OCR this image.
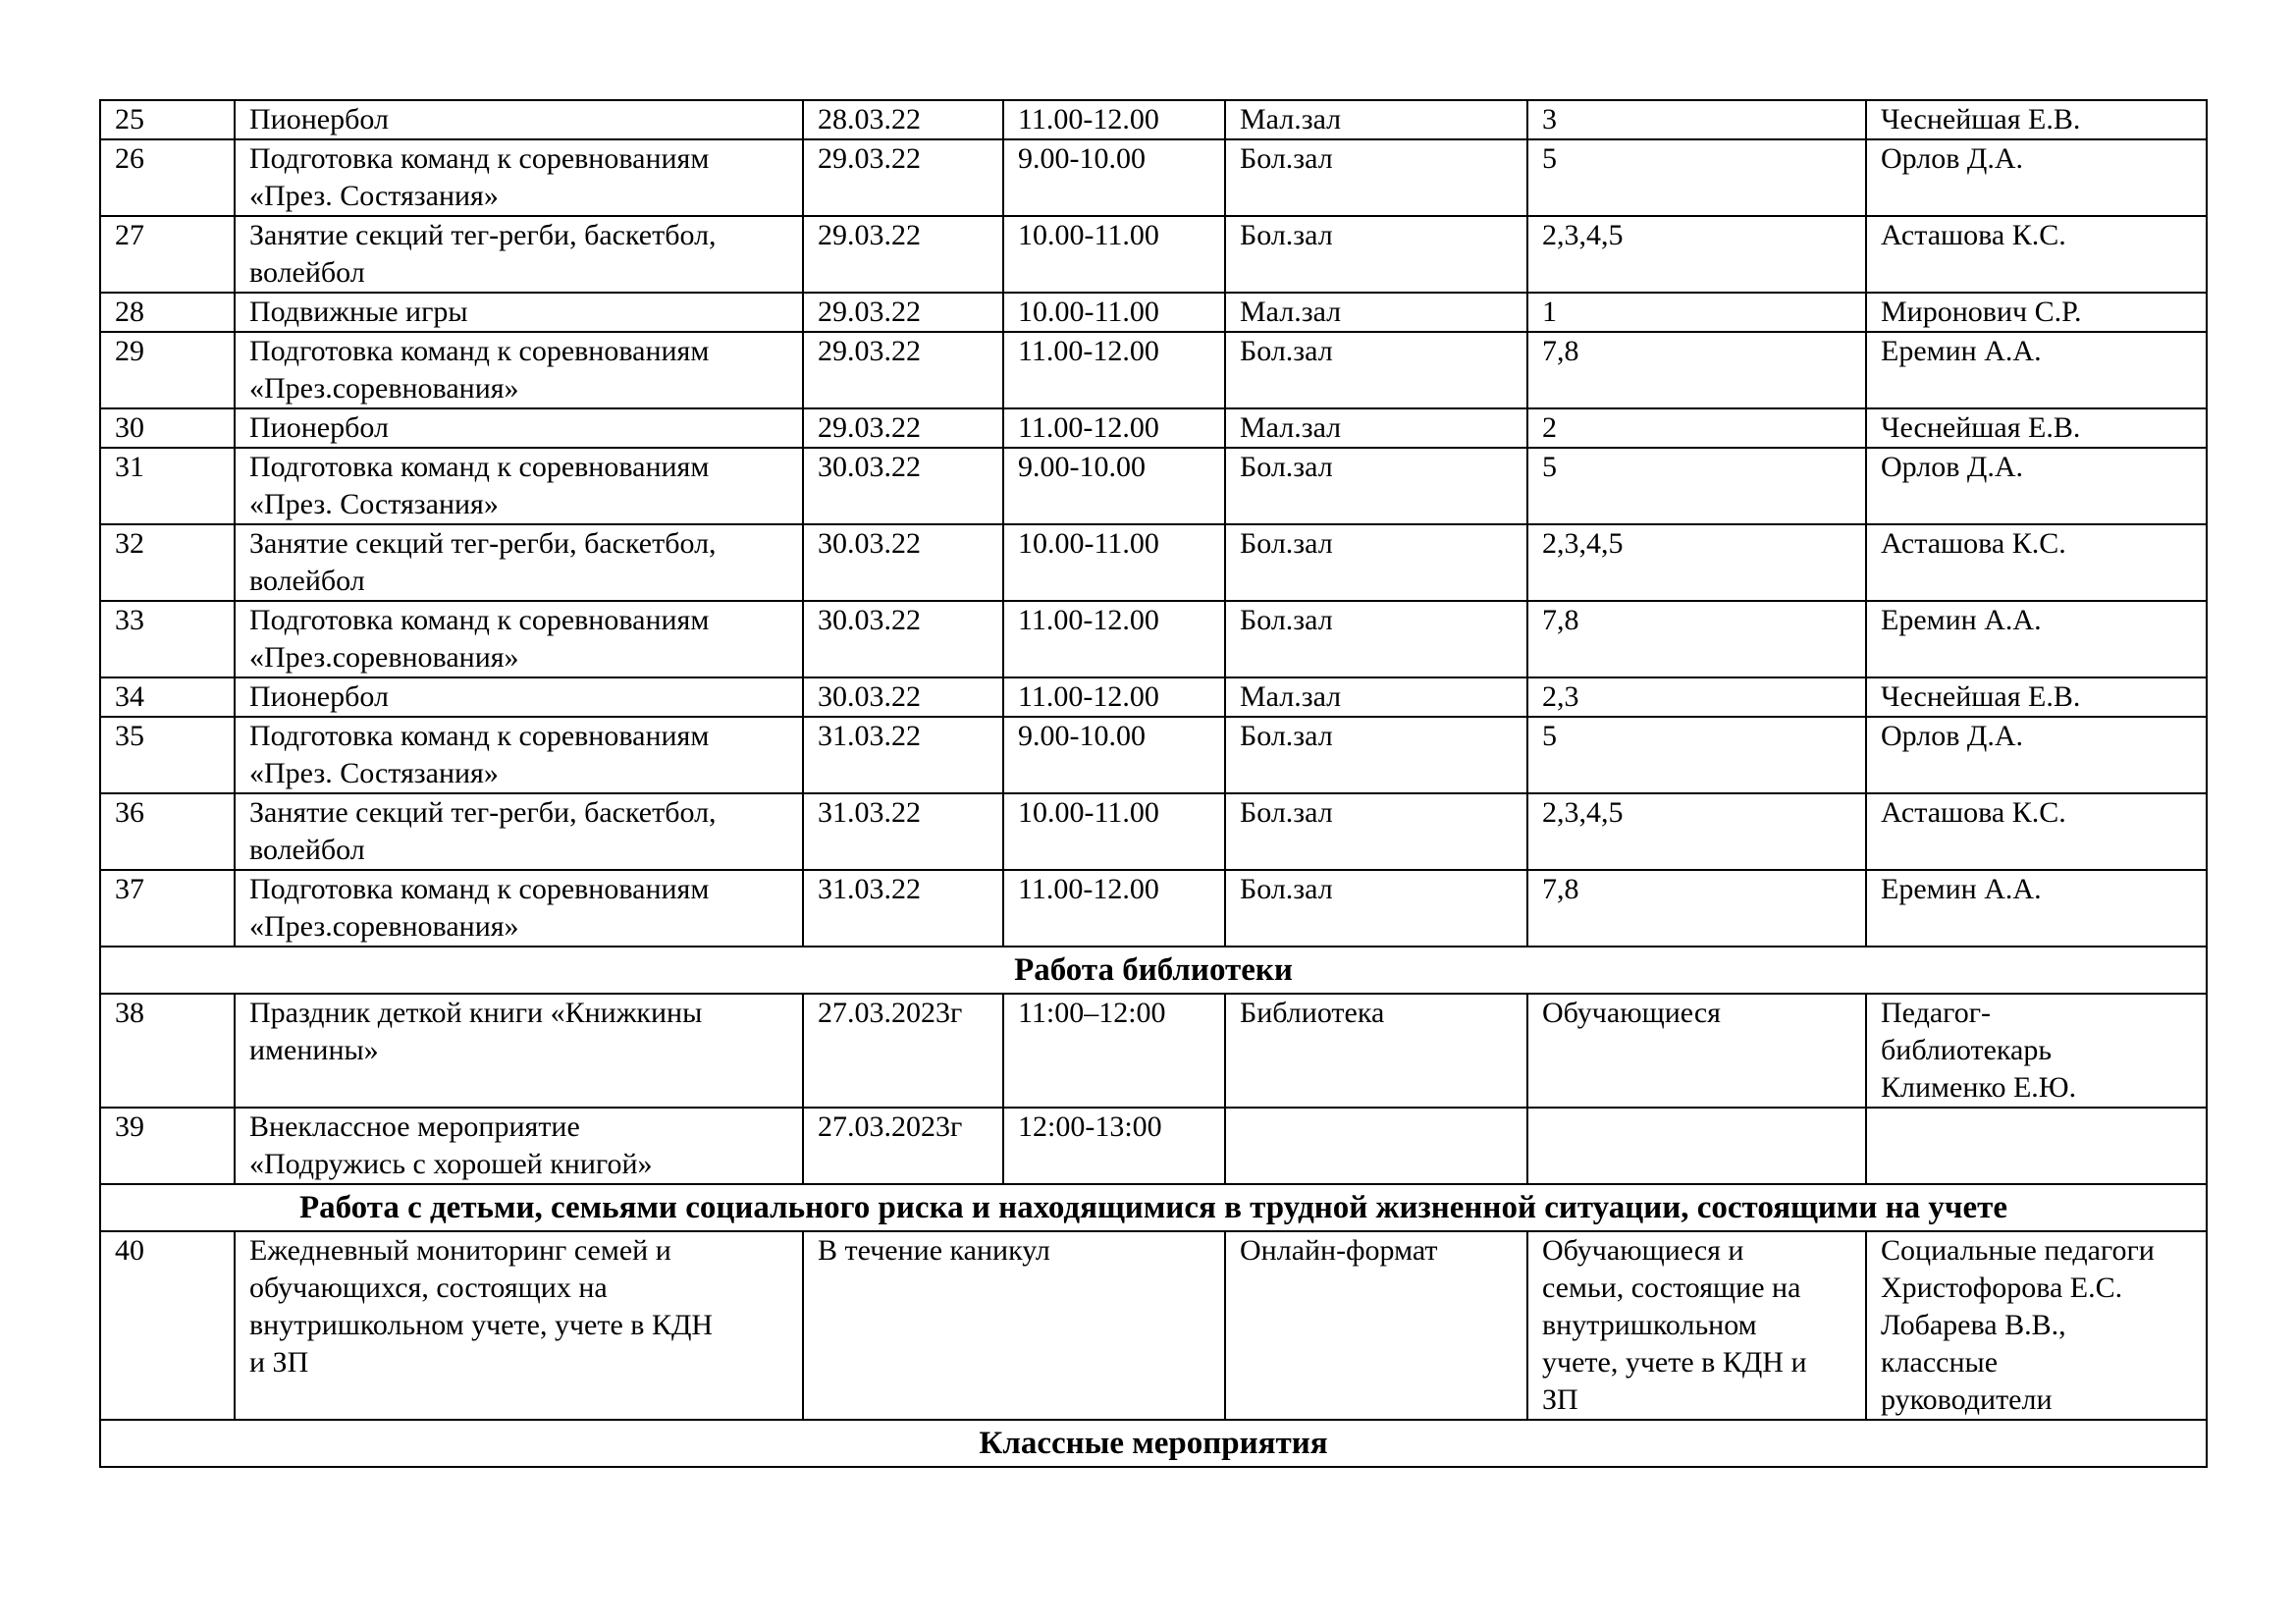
25	Пионербол	28.03.22	11.00-12.00	Мал.зал	3	Чеснейшая Е.В.

26	Подготовка команд к соревнованиям
«През. Состязания»	29.03.22	9.00-10.00	Бол.зал	5	Орлов Д.А.

27	Занятие секций тег-регби, баскетбол,
волейбол	29.03.22	10.00-11.00	Бол.зал	2,3,4,5	Асташова К.С.

28	Подвижные игры	29.03.22	10.00-11.00	Мал.зал	1	Миронович С.Р.

29	Подготовка команд к соревнованиям
«През.соревнования»	29.03.22	11.00-12.00	Бол.зал	7,8	Еремин А.А.

30	Пионербол	29.03.22	11.00-12.00	Мал.зал	2	Чеснейшая Е.В.

31	Подготовка команд к соревнованиям
«През. Состязания»	30.03.22	9.00-10.00	Бол.зал	5	Орлов Д.А.

32	Занятие секций тег-регби, баскетбол,
волейбол	30.03.22	10.00-11.00	Бол.зал	2,3,4,5	Асташова К.С.

33	Подготовка команд к соревнованиям
«През.соревнования»	30.03.22	11.00-12.00	Бол.зал	7,8	Еремин А.А.

34	Пионербол	30.03.22	11.00-12.00	Мал.зал	2,3	Чеснейшая Е.В.

35	Подготовка команд к соревнованиям
«През. Состязания»	31.03.22	9.00-10.00	Бол.зал	5	Орлов Д.А.

36	Занятие секций тег-регби, баскетбол,
волейбол	31.03.22	10.00-11.00	Бол.зал	2,3,4,5	Асташова К.С.

37	Подготовка команд к соревнованиям
«През.соревнования»	31.03.22	11.00-12.00	Бол.зал	7,8	Еремин А.А.

Работа библиотеки						
38	Праздник деткой книги «Книжкины
именины»	27.03.2023г	11:00–12:00	Библиотека	Обучающиеся	Педагог-
библиотекарь
Клименко Е.Ю.

39	Внеклассное мероприятие
«Подружись с хорошей книгой»	27.03.2023г	12:00-13:00			
Работа с детьми, семьями социального риска и находящимися в трудной жизненной ситуации, состоящими на учете						
40	Ежедневный мониторинг семей и
обучающихся, состоящих на
внутришкольном учете, учете в КДН
и ЗП	В течение каникул		Онлайн-формат	Обучающиеся и
семьи, состоящие на
внутришкольном
учете, учете в КДН и
ЗП	Социальные педагоги
Христофорова Е.С.
Лобарева В.В.,
классные
руководители

Классные мероприятия						
